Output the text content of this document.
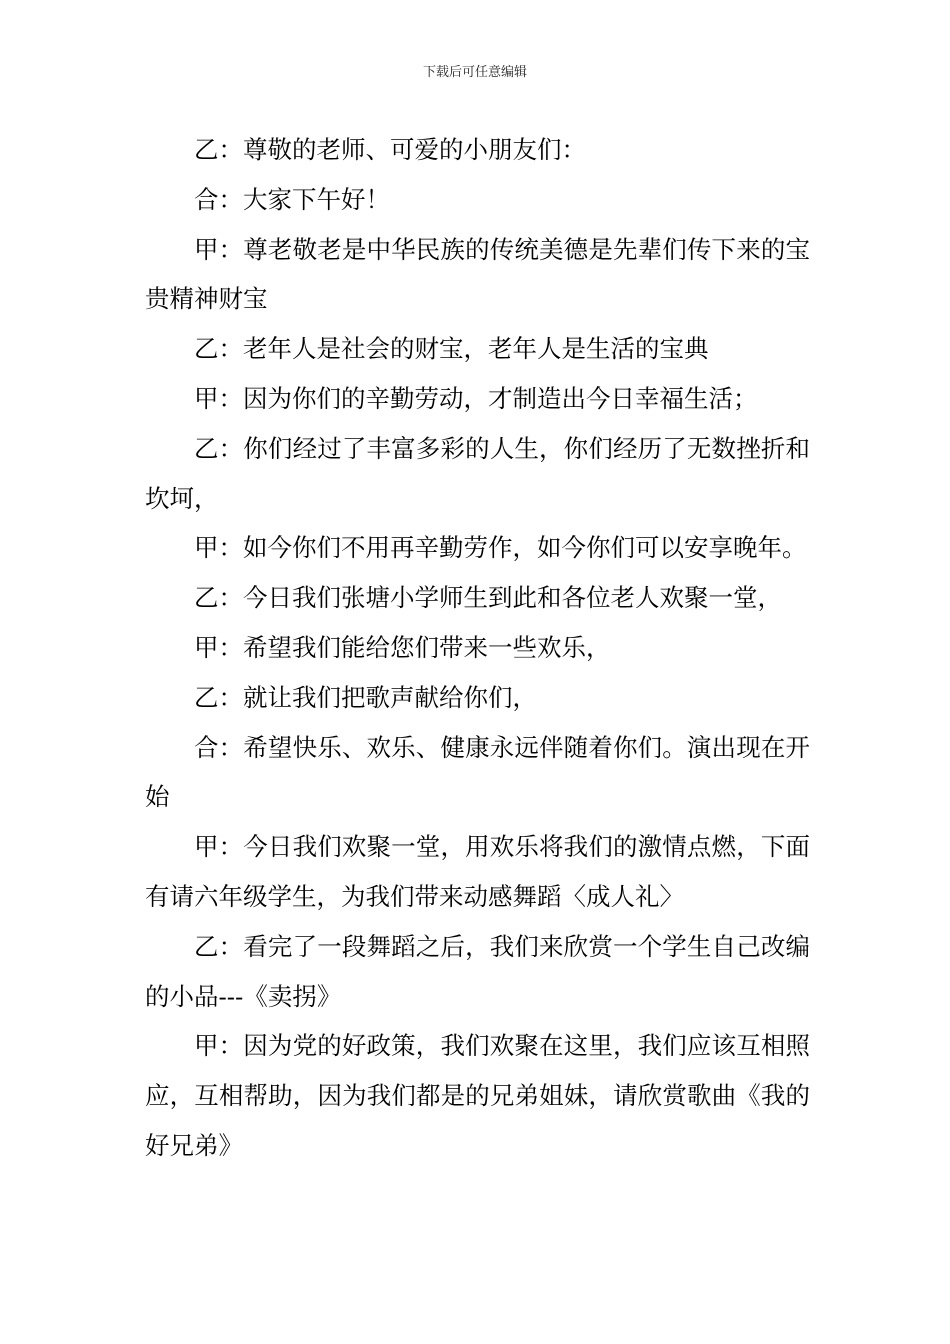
下载后可任意编辑

乙：尊敬的老师、可爱的小朋友们：

合：大家下午好！

甲：尊老敬老是中华民族的传统美德是先辈们传下来的宝贵精神财宝

乙：老年人是社会的财宝，老年人是生活的宝典

甲：因为你们的辛勤劳动，才制造出今日幸福生活；

乙：你们经过了丰富多彩的人生，你们经历了无数挫折和坎坷，

甲：如今你们不用再辛勤劳作，如今你们可以安享晚年。

乙：今日我们张塘小学师生到此和各位老人欢聚一堂，

甲：希望我们能给您们带来一些欢乐，

乙：就让我们把歌声献给你们，

合：希望快乐、欢乐、健康永远伴随着你们。演出现在开始

甲：今日我们欢聚一堂，用欢乐将我们的激情点燃，下面有请六年级学生，为我们带来动感舞蹈〈成人礼〉

乙：看完了一段舞蹈之后，我们来欣赏一个学生自己改编的小品---《卖拐》

甲：因为党的好政策，我们欢聚在这里，我们应该互相照应，互相帮助，因为我们都是的兄弟姐妹，请欣赏歌曲《我的好兄弟》
